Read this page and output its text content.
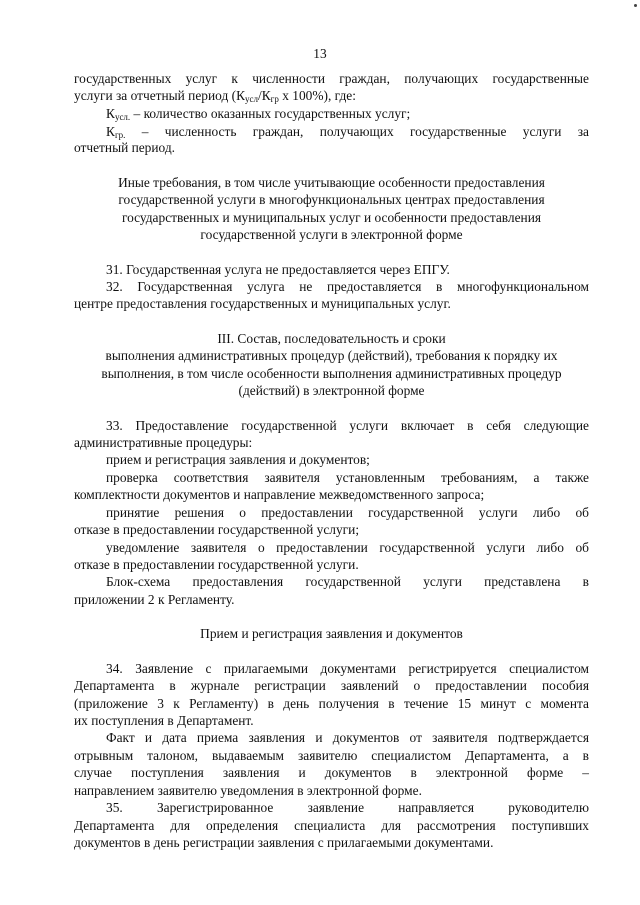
13

государственных услуг к численности граждан, получающих государственные

услуги за отчетный период ($К_{усл}/К_{гр}$ х 100%), где:

$К_{усл.}$ – количество оказанных государственных услуг;

$К_{гр.}$ – численность граждан, получающих государственные услуги за

отчетный период.

Иные требования, в том числе учитывающие особенности предоставления

государственной услуги в многофункциональных центрах предоставления

государственных и муниципальных услуг и особенности предоставления

государственной услуги в электронной форме

31. Государственная услуга не предоставляется через ЕПГУ.

32. Государственная услуга не предоставляется в многофункциональном

центре предоставления государственных и муниципальных услуг.

III. Состав, последовательность и сроки

выполнения административных процедур (действий), требования к порядку их

выполнения, в том числе особенности выполнения административных процедур

(действий) в электронной форме

33. Предоставление государственной услуги включает в себя следующие

административные процедуры:

прием и регистрация заявления и документов;

проверка соответствия заявителя установленным требованиям, а также

комплектности документов и направление межведомственного запроса;

принятие решения о предоставлении государственной услуги либо об

отказе в предоставлении государственной услуги;

уведомление заявителя о предоставлении государственной услуги либо об

отказе в предоставлении государственной услуги.

Блок-схема предоставления государственной услуги представлена в

приложении 2 к Регламенту.

Прием и регистрация заявления и документов

34. Заявление с прилагаемыми документами регистрируется специалистом

Департамента в журнале регистрации заявлений о предоставлении пособия

(приложение 3 к Регламенту) в день получения в течение 15 минут с момента

их поступления в Департамент.

Факт и дата приема заявления и документов от заявителя подтверждается

отрывным талоном, выдаваемым заявителю специалистом Департамента, а в

случае поступления заявления и документов в электронной форме –

направлением заявителю уведомления в электронной форме.

35. Зарегистрированное заявление направляется руководителю

Департамента для определения специалиста для рассмотрения поступивших

документов в день регистрации заявления с прилагаемыми документами.
